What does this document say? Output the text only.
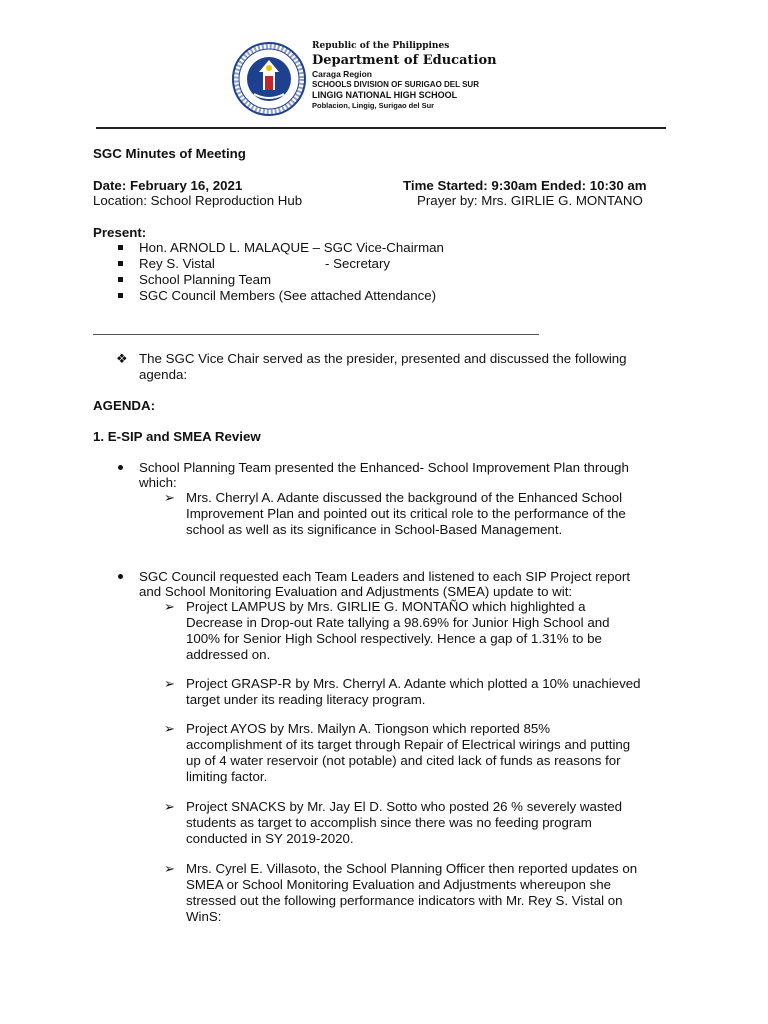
Republic of the Philippines
Department of Education
Caraga Region
SCHOOLS DIVISION OF SURIGAO DEL SUR
LINGIG NATIONAL HIGH SCHOOL
Poblacion, Lingig, Surigao del Sur
SGC Minutes of Meeting
Date: February 16, 2021	Time Started: 9:30am Ended: 10:30 am
Location: School Reproduction Hub	Prayer by: Mrs. GIRLIE G. MONTANO
Present:
Hon. ARNOLD L. MALAQUE – SGC Vice-Chairman
Rey S. Vistal	- Secretary
School Planning Team
SGC Council Members (See attached Attendance)
❖ The SGC Vice Chair served as the presider, presented and discussed the following
agenda:
AGENDA:
1. E-SIP and SMEA Review
School Planning Team presented the Enhanced- School Improvement Plan through
which:
➢ Mrs. Cherryl A. Adante discussed the background of the Enhanced School
Improvement Plan and pointed out its critical role to the performance of the
school as well as its significance in School-Based Management.
SGC Council requested each Team Leaders and listened to each SIP Project report
and School Monitoring Evaluation and Adjustments (SMEA) update to wit:
➢ Project LAMPUS by Mrs. GIRLIE G. MONTAÑO which highlighted a
Decrease in Drop-out Rate tallying a 98.69% for Junior High School and
100% for Senior High School respectively. Hence a gap of 1.31% to be
addressed on.
➢ Project GRASP-R by Mrs. Cherryl A. Adante which plotted a 10% unachieved
target under its reading literacy program.
➢ Project AYOS by Mrs. Mailyn A. Tiongson which reported 85%
accomplishment of its target through Repair of Electrical wirings and putting
up of 4 water reservoir (not potable) and cited lack of funds as reasons for
limiting factor.
➢ Project SNACKS by Mr. Jay El D. Sotto who posted 26 % severely wasted
students as target to accomplish since there was no feeding program
conducted in SY 2019-2020.
➢ Mrs. Cyrel E. Villasoto, the School Planning Officer then reported updates on
SMEA or School Monitoring Evaluation and Adjustments whereupon she
stressed out the following performance indicators with Mr. Rey S. Vistal on
WinS:
